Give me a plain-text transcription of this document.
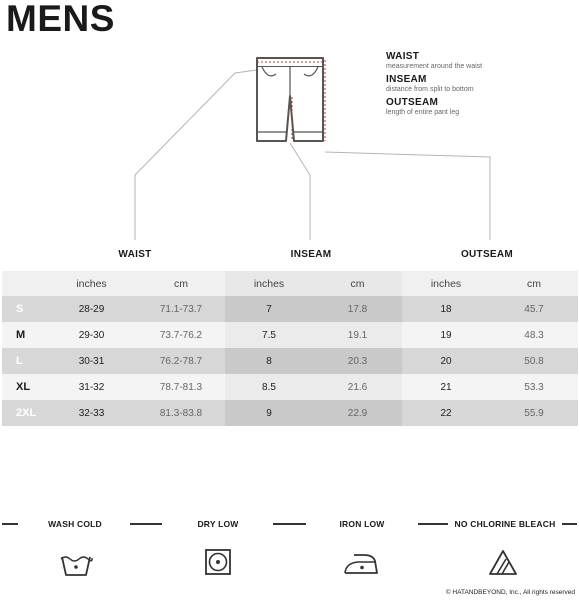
MENS
WAIST
measurement around the waist
INSEAM
distance from split to bottom
OUTSEAM
length of entire pant leg
WAIST	INSEAM	OUTSEAM
	inches	cm	inches	cm	inches	cm
S	28-29	71.1-73.7	7	17.8	18	45.7
M	29-30	73.7-76.2	7.5	19.1	19	48.3
L	30-31	76.2-78.7	8	20.3	20	50.8
XL	31-32	78.7-81.3	8.5	21.6	21	53.3
2XL	32-33	81.3-83.8	9	22.9	22	55.9
WASH COLD	DRY LOW	IRON LOW	NO CHLORINE BLEACH
© HATANDBEYOND, Inc., All rights reserved
